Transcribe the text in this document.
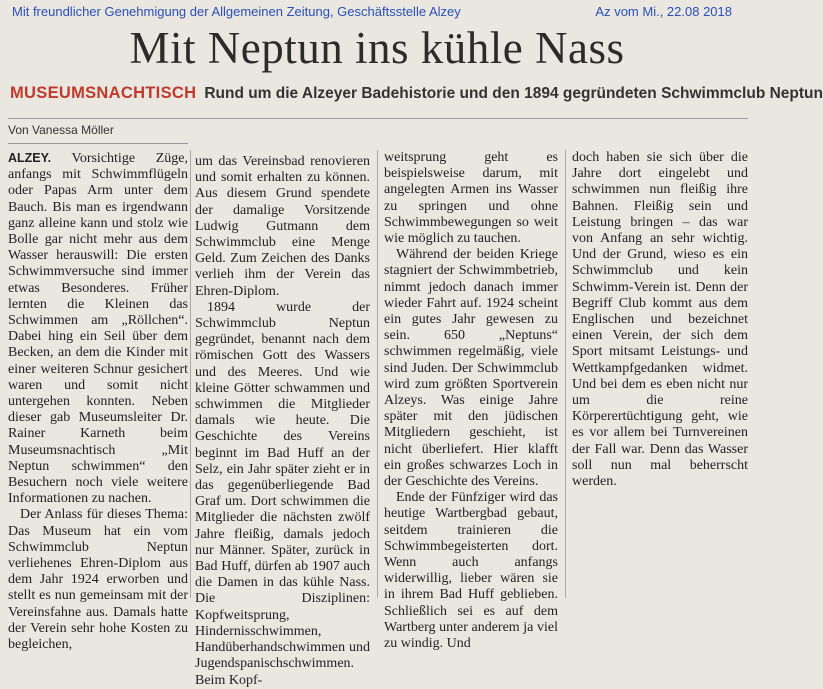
Mit freundlicher Genehmigung der Allgemeinen Zeitung, Geschäftsstelle Alzey	Az vom Mi., 22.08 2018
Mit Neptun ins kühle Nass
MUSEUMSNACHTISCH Rund um die Alzeyer Badehistorie und den 1894 gegründeten Schwimmclub Neptun
Von Vanessa Möller

ALZEY. Vorsichtige Züge, anfangs mit Schwimmflügeln oder Papas Arm unter dem Bauch. Bis man es irgendwann ganz alleine kann und stolz wie Bolle gar nicht mehr aus dem Wasser herauswill: Die ersten Schwimmversuche sind immer etwas Besonderes. Früher lernten die Kleinen das Schwimmen am „Röllchen“. Dabei hing ein Seil über dem Becken, an dem die Kinder mit einer weiteren Schnur gesichert waren und somit nicht untergehen konnten. Neben dieser gab Museumsleiter Dr. Rainer Karneth beim Museumsnachtisch „Mit Neptun schwimmen“ den Besuchern noch viele weitere Informationen zu nachen.

Der Anlass für dieses Thema: Das Museum hat ein vom Schwimmclub Neptun verliehenes Ehren-Diplom aus dem Jahr 1924 erworben und stellt es nun gemeinsam mit der Vereinsfahne aus. Damals hatte der Verein sehr hohe Kosten zu begleichen,

um das Vereinsbad renovieren und somit erhalten zu können. Aus diesem Grund spendete der damalige Vorsitzende Ludwig Gutmann dem Schwimmclub eine Menge Geld. Zum Zeichen des Danks verlieh ihm der Verein das Ehren-Diplom.

1894 wurde der Schwimmclub Neptun gegründet, benannt nach dem römischen Gott des Wassers und des Meeres. Und wie kleine Götter schwammen und schwimmen die Mitglieder damals wie heute. Die Geschichte des Vereins beginnt im Bad Huff an der Selz, ein Jahr später zieht er in das gegenüberliegende Bad Graf um. Dort schwimmen die Mitglieder die nächsten zwölf Jahre fleißig, damals jedoch nur Männer. Später, zurück in Bad Huff, dürfen ab 1907 auch die Damen in das kühle Nass. Die Disziplinen: Kopfweitsprung, Hindernisschwimmen, Handüberhandschwimmen und Jugendspanischschwimmen. Beim Kopf-

weitsprung geht es beispielsweise darum, mit angelegten Armen ins Wasser zu springen und ohne Schwimmbewegungen so weit wie möglich zu tauchen.

Während der beiden Kriege stagniert der Schwimmbetrieb, nimmt jedoch danach immer wieder Fahrt auf. 1924 scheint ein gutes Jahr gewesen zu sein. 650 „Neptuns“ schwimmen regelmäßig, viele sind Juden. Der Schwimmclub wird zum größten Sportverein Alzeys. Was einige Jahre später mit den jüdischen Mitgliedern geschieht, ist nicht überliefert. Hier klafft ein großes schwarzes Loch in der Geschichte des Vereins.

Ende der Fünfziger wird das heutige Wartbergbad gebaut, seitdem trainieren die Schwimmbegeisterten dort. Wenn auch anfangs widerwillig, lieber wären sie in ihrem Bad Huff geblieben. Schließlich sei es auf dem Wartberg unter anderem ja viel zu windig. Und

doch haben sie sich über die Jahre dort eingelebt und schwimmen nun fleißig ihre Bahnen. Fleißig sein und Leistung bringen – das war von Anfang an sehr wichtig. Und der Grund, wieso es ein Schwimmclub und kein Schwimm-Verein ist. Denn der Begriff Club kommt aus dem Englischen und bezeichnet einen Verein, der sich dem Sport mitsamt Leistungs- und Wettkampfgedanken widmet. Und bei dem es eben nicht nur um die reine Körperertüchtigung geht, wie es vor allem bei Turnvereinen der Fall war. Denn das Wasser soll nun mal beherrscht werden.
